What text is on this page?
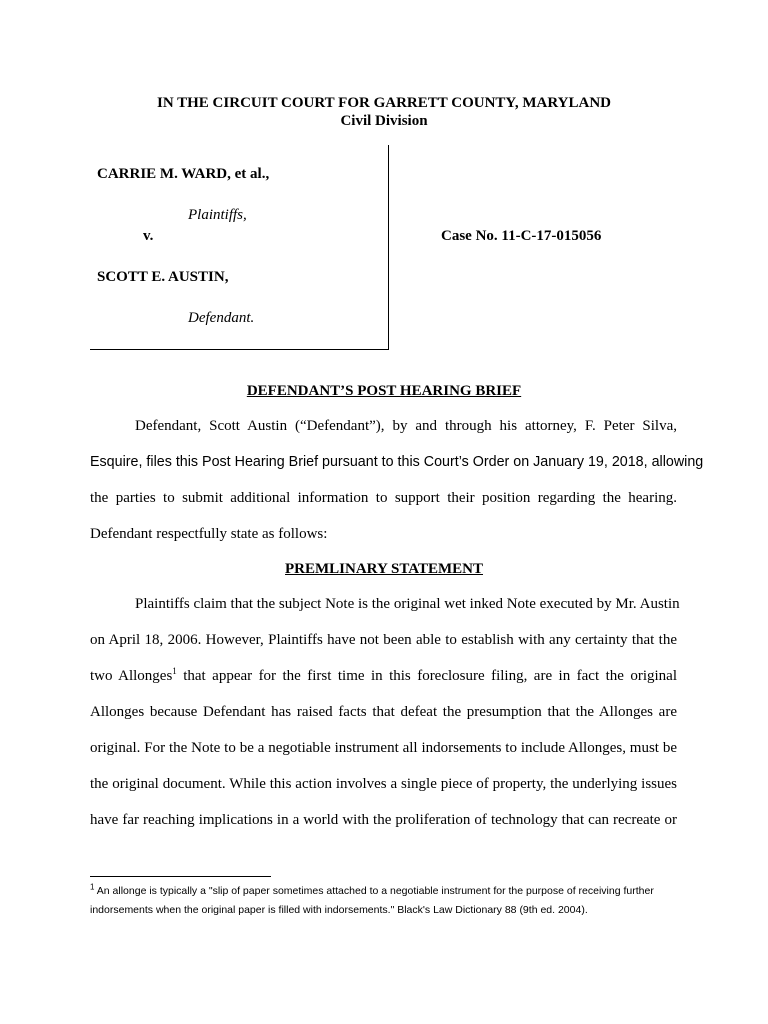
IN THE CIRCUIT COURT FOR GARRETT COUNTY, MARYLAND
Civil Division
CARRIE M. WARD, et al.,
Plaintiffs,
v.	Case No. 11-C-17-015056
SCOTT E. AUSTIN,
Defendant.
DEFENDANT’S POST HEARING BRIEF
Defendant, Scott Austin (“Defendant”), by and through his attorney, F. Peter Silva,
Esquire, files this Post Hearing Brief pursuant to this Court’s Order on January 19, 2018, allowing
the parties to submit additional information to support their position regarding the hearing.
Defendant respectfully state as follows:
PREMLINARY STATEMENT
Plaintiffs claim that the subject Note is the original wet inked Note executed by Mr. Austin
on April 18, 2006. However, Plaintiffs have not been able to establish with any certainty that the
two Allonges$^1$ that appear for the first time in this foreclosure filing, are in fact the original
Allonges because Defendant has raised facts that defeat the presumption that the Allonges are
original. For the Note to be a negotiable instrument all indorsements to include Allonges, must be
the original document. While this action involves a single piece of property, the underlying issues
have far reaching implications in a world with the proliferation of technology that can recreate or
$^1$ An allonge is typically a "slip of paper sometimes attached to a negotiable instrument for the purpose of receiving further
indorsements when the original paper is filled with indorsements." Black's Law Dictionary 88 (9th ed. 2004).
